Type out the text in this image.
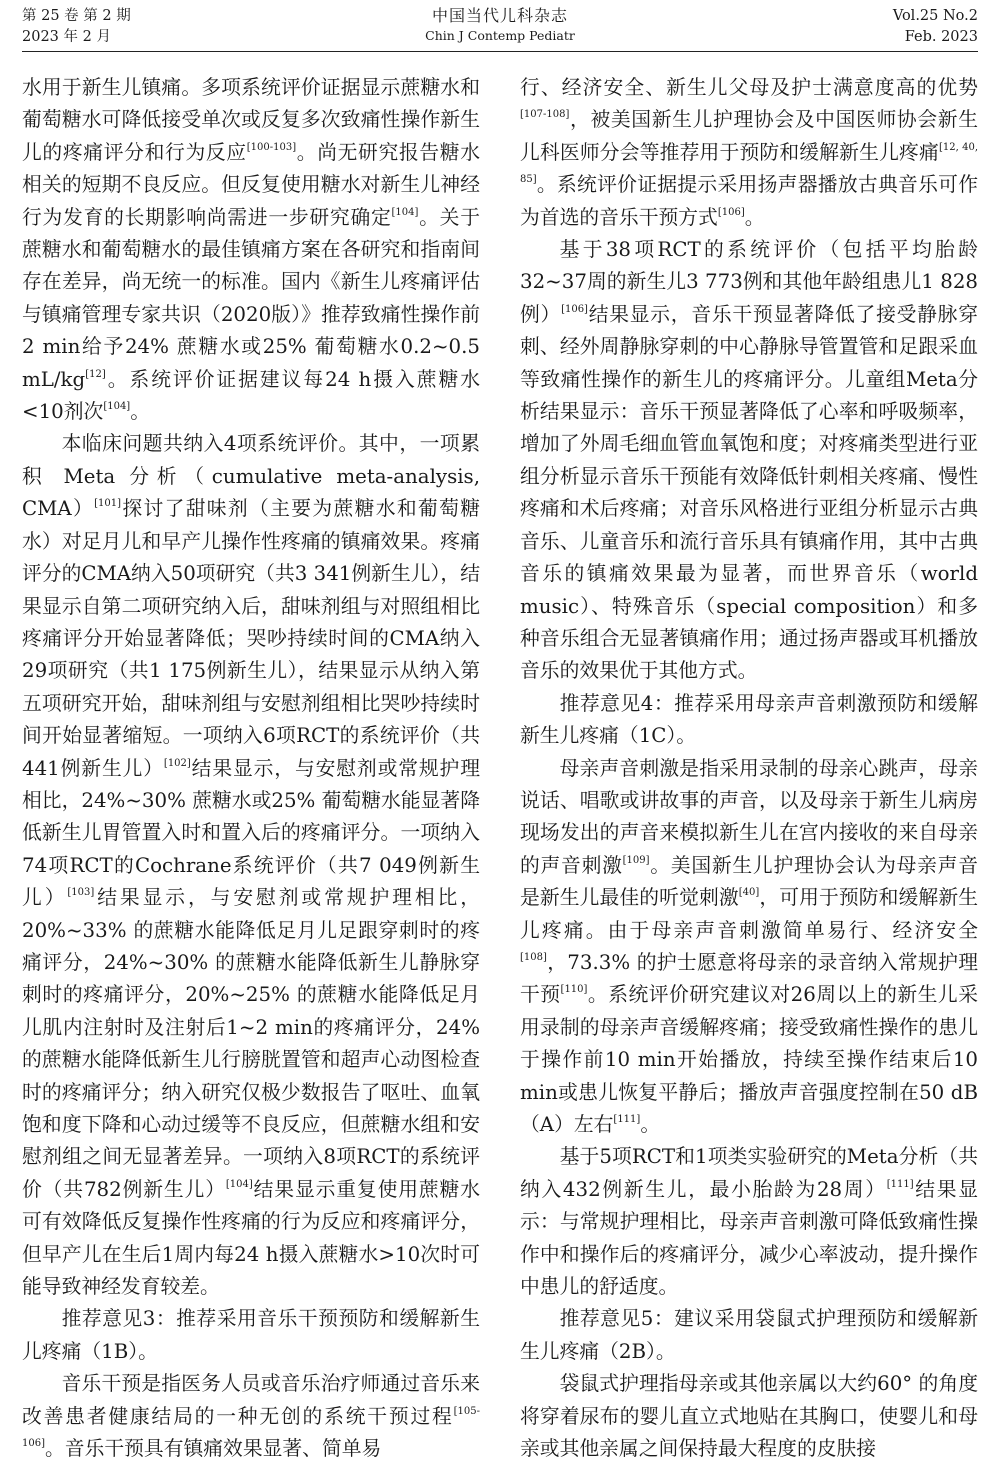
第 25 卷 第 2 期
2023 年 2 月
中国当代儿科杂志
Chin J Contemp Pediatr
Vol.25 No.2
Feb. 2023

水用于新生儿镇痛。多项系统评价证据显示蔗糖水和葡萄糖水可降低接受单次或反复多次致痛性操作新生儿的疼痛评分和行为反应[100-103]。尚无研究报告糖水相关的短期不良反应。但反复使用糖水对新生儿神经行为发育的长期影响尚需进一步研究确定[104]。关于蔗糖水和葡萄糖水的最佳镇痛方案在各研究和指南间存在差异，尚无统一的标准。国内《新生儿疼痛评估与镇痛管理专家共识（2020版）》推荐致痛性操作前2 min给予24% 蔗糖水或25% 葡萄糖水0.2~0.5 mL/kg[12]。系统评价证据建议每24 h摄入蔗糖水<10剂次[104]。

本临床问题共纳入4项系统评价。其中，一项累积 Meta 分析（cumulative meta-analysis, CMA）[101]探讨了甜味剂（主要为蔗糖水和葡萄糖水）对足月儿和早产儿操作性疼痛的镇痛效果。疼痛评分的CMA纳入50项研究（共3 341例新生儿），结果显示自第二项研究纳入后，甜味剂组与对照组相比疼痛评分开始显著降低；哭吵持续时间的CMA纳入29项研究（共1 175例新生儿），结果显示从纳入第五项研究开始，甜味剂组与安慰剂组相比哭吵持续时间开始显著缩短。一项纳入6项RCT的系统评价（共441例新生儿）[102]结果显示，与安慰剂或常规护理相比，24%~30% 蔗糖水或25% 葡萄糖水能显著降低新生儿胃管置入时和置入后的疼痛评分。一项纳入74项RCT的Cochrane系统评价（共7 049例新生儿）[103]结果显示，与安慰剂或常规护理相比，20%~33% 的蔗糖水能降低足月儿足跟穿刺时的疼痛评分，24%~30% 的蔗糖水能降低新生儿静脉穿刺时的疼痛评分，20%~25% 的蔗糖水能降低足月儿肌内注射时及注射后1~2 min的疼痛评分，24% 的蔗糖水能降低新生儿行膀胱置管和超声心动图检查时的疼痛评分；纳入研究仅极少数报告了呕吐、血氧饱和度下降和心动过缓等不良反应，但蔗糖水组和安慰剂组之间无显著差异。一项纳入8项RCT的系统评价（共782例新生儿）[104]结果显示重复使用蔗糖水可有效降低反复操作性疼痛的行为反应和疼痛评分，但早产儿在生后1周内每24 h摄入蔗糖水>10次时可能导致神经发育较差。

推荐意见3：推荐采用音乐干预预防和缓解新生儿疼痛（1B）。

音乐干预是指医务人员或音乐治疗师通过音乐来改善患者健康结局的一种无创的系统干预过程[105-106]。音乐干预具有镇痛效果显著、简单易

行、经济安全、新生儿父母及护士满意度高的优势[107-108]，被美国新生儿护理协会及中国医师协会新生儿科医师分会等推荐用于预防和缓解新生儿疼痛[12, 40, 85]。系统评价证据提示采用扬声器播放古典音乐可作为首选的音乐干预方式[106]。

基于38项RCT的系统评价（包括平均胎龄32~37周的新生儿3 773例和其他年龄组患儿1 828例）[106]结果显示，音乐干预显著降低了接受静脉穿刺、经外周静脉穿刺的中心静脉导管置管和足跟采血等致痛性操作的新生儿的疼痛评分。儿童组Meta分析结果显示：音乐干预显著降低了心率和呼吸频率，增加了外周毛细血管血氧饱和度；对疼痛类型进行亚组分析显示音乐干预能有效降低针刺相关疼痛、慢性疼痛和术后疼痛；对音乐风格进行亚组分析显示古典音乐、儿童音乐和流行音乐具有镇痛作用，其中古典音乐的镇痛效果最为显著，而世界音乐（world music）、特殊音乐（special composition）和多种音乐组合无显著镇痛作用；通过扬声器或耳机播放音乐的效果优于其他方式。

推荐意见4：推荐采用母亲声音刺激预防和缓解新生儿疼痛（1C）。

母亲声音刺激是指采用录制的母亲心跳声，母亲说话、唱歌或讲故事的声音，以及母亲于新生儿病房现场发出的声音来模拟新生儿在宫内接收的来自母亲的声音刺激[109]。美国新生儿护理协会认为母亲声音是新生儿最佳的听觉刺激[40]，可用于预防和缓解新生儿疼痛。由于母亲声音刺激简单易行、经济安全[108]，73.3% 的护士愿意将母亲的录音纳入常规护理干预[110]。系统评价研究建议对26周以上的新生儿采用录制的母亲声音缓解疼痛；接受致痛性操作的患儿于操作前10 min开始播放，持续至操作结束后10 min或患儿恢复平静后；播放声音强度控制在50 dB（A）左右[111]。

基于5项RCT和1项类实验研究的Meta分析（共纳入432例新生儿，最小胎龄为28周）[111]结果显示：与常规护理相比，母亲声音刺激可降低致痛性操作中和操作后的疼痛评分，减少心率波动，提升操作中患儿的舒适度。

推荐意见5：建议采用袋鼠式护理预防和缓解新生儿疼痛（2B）。

袋鼠式护理指母亲或其他亲属以大约60° 的角度将穿着尿布的婴儿直立式地贴在其胸口，使婴儿和母亲或其他亲属之间保持最大程度的皮肤接
